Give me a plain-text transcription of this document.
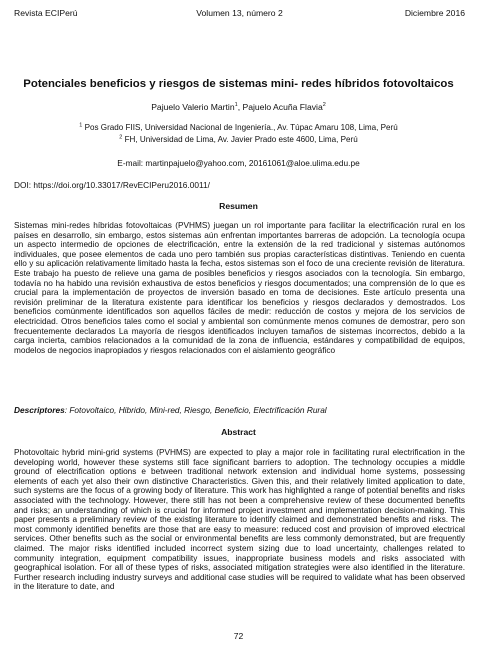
Revista ECIPerú	Volumen 13, número 2	Diciembre 2016
Potenciales beneficios y riesgos de sistemas mini- redes híbridos fotovoltaicos
Pajuelo Valerio Martin$^1$, Pajuelo Acuña Flavia$^2$
$^1$ Pos Grado FIIS, Universidad Nacional de Ingeniería., Av. Túpac Amaru 108, Lima, Perú
$^2$ FH, Universidad de Lima, Av. Javier Prado este 4600, Lima, Perú
E-mail: martinpajuelo@yahoo.com, 20161061@aloe.ulima.edu.pe
DOI: https://doi.org/10.33017/RevECIPeru2016.0011/
Resumen
Sistemas mini-redes híbridas fotovoltaicas (PVHMS) juegan un rol importante para facilitar la electrificación rural en los países en desarrollo, sin embargo, estos sistemas aún enfrentan importantes barreras de adopción. La tecnología ocupa un aspecto intermedio de opciones de electrificación, entre la extensión de la red tradicional y sistemas autónomos individuales, que posee elementos de cada uno pero también sus propias características distintivas. Teniendo en cuenta ello y su aplicación relativamente limitado hasta la fecha, estos sistemas son el foco de una creciente revisión de literatura. Este trabajo ha puesto de relieve una gama de posibles beneficios y riesgos asociados con la tecnología. Sin embargo, todavía no ha habido una revisión exhaustiva de estos beneficios y riesgos documentados; una comprensión de lo que es crucial para la implementación de proyectos de inversión basado en toma de decisiones. Este artículo presenta una revisión preliminar de la literatura existente para identificar los beneficios y riesgos declarados y demostrados. Los beneficios comúnmente identificados son aquellos fáciles de medir: reducción de costos y mejora de los servicios de electricidad. Otros beneficios tales como el social y ambiental son comúnmente menos comunes de demostrar, pero son frecuentemente declarados La mayoría de riesgos identificados incluyen tamaños de sistemas incorrectos, debido a la carga incierta, cambios relacionados a la comunidad de la zona de influencia, estándares y compatibilidad de equipos, modelos de negocios inapropiados y riesgos relacionados con el aislamiento geográfico
Descriptores: Fotovoltaico, Hibrido, Mini-red, Riesgo, Beneficio, Electrificación Rural
Abstract
Photovoltaic hybrid mini-grid systems (PVHMS) are expected to play a major role in facilitating rural electrification in the developing world, however these systems still face significant barriers to adoption. The technology occupies a middle ground of electrification options e between traditional network extension and individual home systems, possessing elements of each yet also their own distinctive Characteristics. Given this, and their relatively limited application to date, such systems are the focus of a growing body of literature. This work has highlighted a range of potential benefits and risks associated with the technology. However, there still has not been a comprehensive review of these documented benefits and risks; an understanding of which is crucial for informed project investment and implementation decision-making. This paper presents a preliminary review of the existing literature to identify claimed and demonstrated benefits and risks. The most commonly identified benefits are those that are easy to measure: reduced cost and provision of improved electrical services. Other benefits such as the social or environmental benefits are less commonly demonstrated, but are frequently claimed. The major risks identified included incorrect system sizing due to load uncertainty, challenges related to community integration, equipment compatibility issues, inappropriate business models and risks associated with geographical isolation. For all of these types of risks, associated mitigation strategies were also identified in the literature. Further research including industry surveys and additional case studies will be required to validate what has been observed in the literature to date, and
72
